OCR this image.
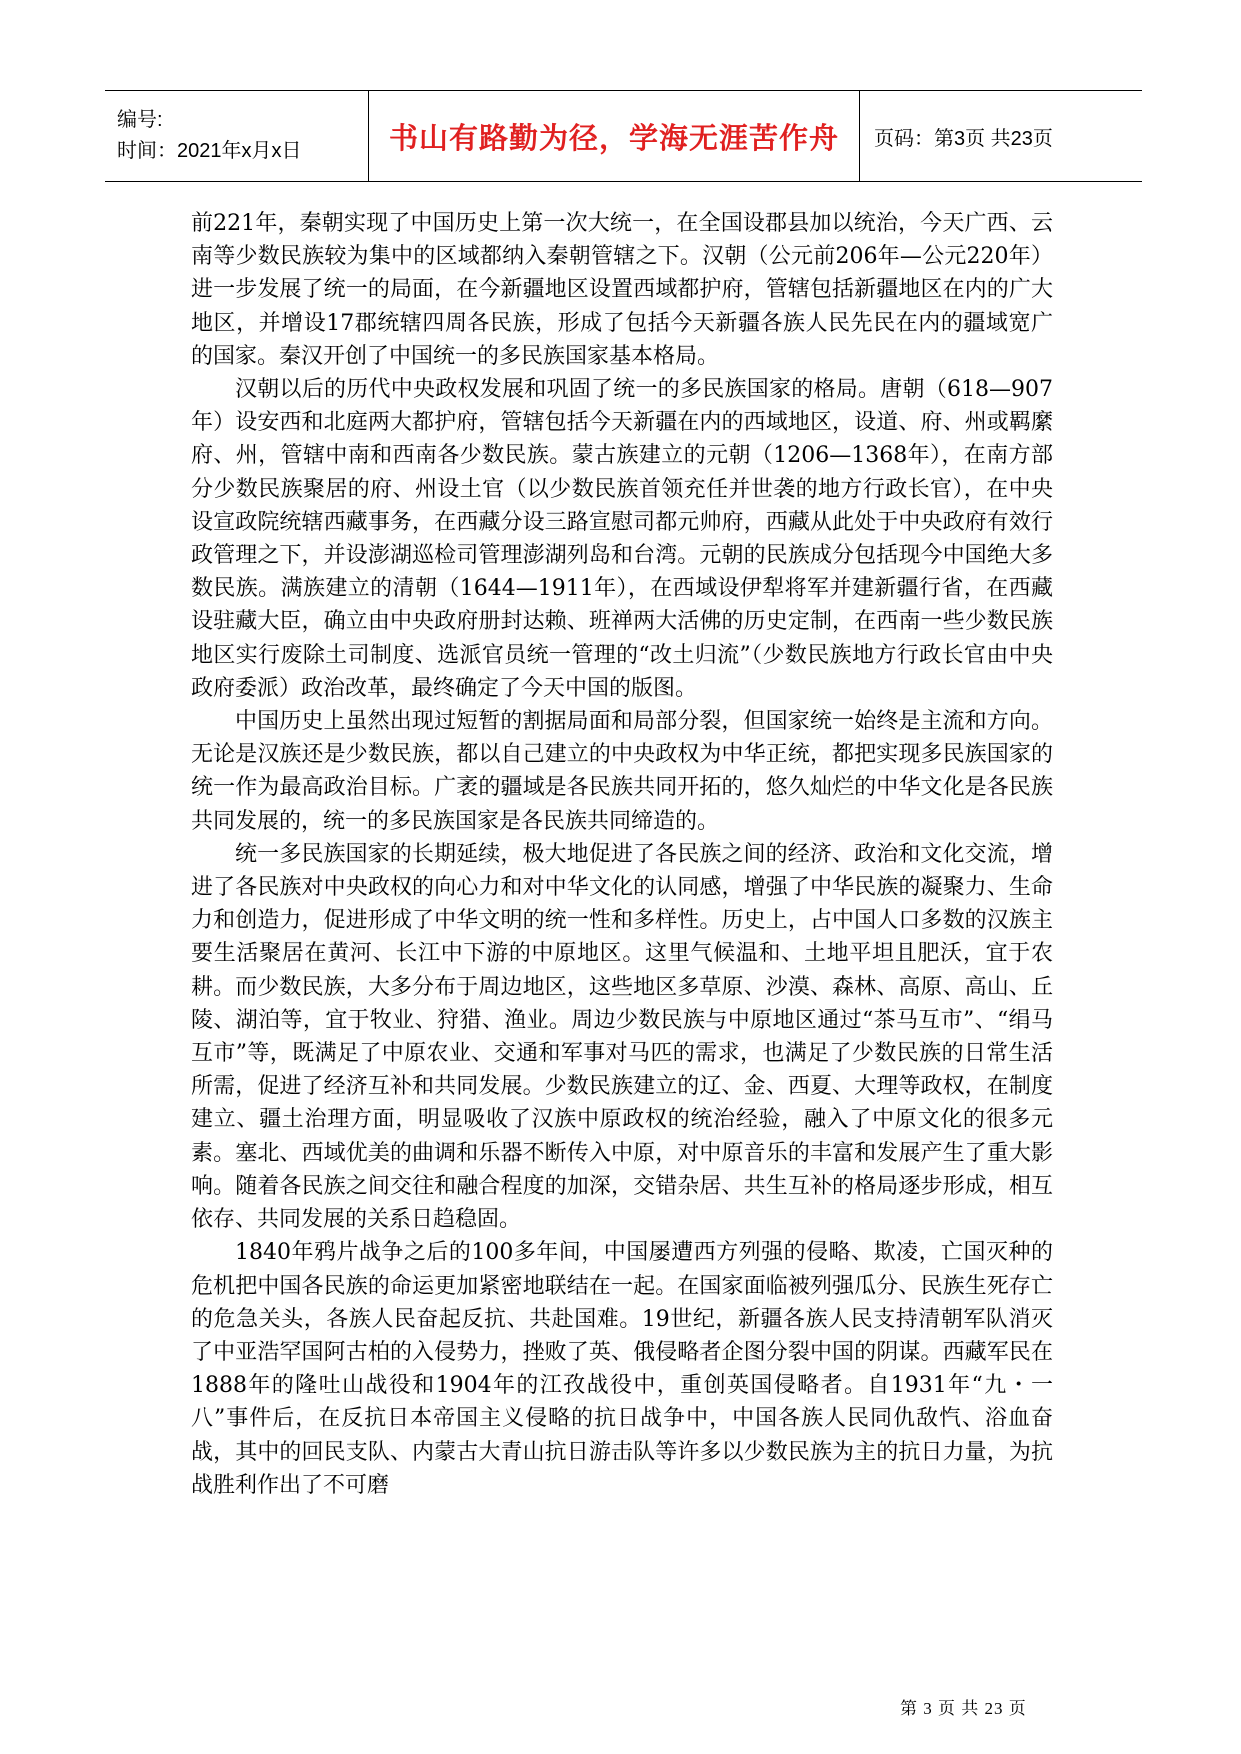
编号:
时间：2021年x月x日	书山有路勤为径，学海无涯苦作舟	页码：第3页 共23页

前221年，秦朝实现了中国历史上第一次大统一，在全国设郡县加以统治，今天广西、云南等少数民族较为集中的区域都纳入秦朝管辖之下。汉朝（公元前206年—公元220年）进一步发展了统一的局面，在今新疆地区设置西域都护府，管辖包括新疆地区在内的广大地区，并增设17郡统辖四周各民族，形成了包括今天新疆各族人民先民在内的疆域宽广的国家。秦汉开创了中国统一的多民族国家基本格局。

汉朝以后的历代中央政权发展和巩固了统一的多民族国家的格局。唐朝（618—907年）设安西和北庭两大都护府，管辖包括今天新疆在内的西域地区，设道、府、州或羁縻府、州，管辖中南和西南各少数民族。蒙古族建立的元朝（1206—1368年），在南方部分少数民族聚居的府、州设土官（以少数民族首领充任并世袭的地方行政长官），在中央设宣政院统辖西藏事务，在西藏分设三路宣慰司都元帅府，西藏从此处于中央政府有效行政管理之下，并设澎湖巡检司管理澎湖列岛和台湾。元朝的民族成分包括现今中国绝大多数民族。满族建立的清朝（1644—1911年），在西域设伊犁将军并建新疆行省，在西藏设驻藏大臣，确立由中央政府册封达赖、班禅两大活佛的历史定制，在西南一些少数民族地区实行废除土司制度、选派官员统一管理的“改土归流”（少数民族地方行政长官由中央政府委派）政治改革，最终确定了今天中国的版图。

中国历史上虽然出现过短暂的割据局面和局部分裂，但国家统一始终是主流和方向。无论是汉族还是少数民族，都以自己建立的中央政权为中华正统，都把实现多民族国家的统一作为最高政治目标。广袤的疆域是各民族共同开拓的，悠久灿烂的中华文化是各民族共同发展的，统一的多民族国家是各民族共同缔造的。

统一多民族国家的长期延续，极大地促进了各民族之间的经济、政治和文化交流，增进了各民族对中央政权的向心力和对中华文化的认同感，增强了中华民族的凝聚力、生命力和创造力，促进形成了中华文明的统一性和多样性。历史上，占中国人口多数的汉族主要生活聚居在黄河、长江中下游的中原地区。这里气候温和、土地平坦且肥沃，宜于农耕。而少数民族，大多分布于周边地区，这些地区多草原、沙漠、森林、高原、高山、丘陵、湖泊等，宜于牧业、狩猎、渔业。周边少数民族与中原地区通过“茶马互市”、“绢马互市”等，既满足了中原农业、交通和军事对马匹的需求，也满足了少数民族的日常生活所需，促进了经济互补和共同发展。少数民族建立的辽、金、西夏、大理等政权，在制度建立、疆土治理方面，明显吸收了汉族中原政权的统治经验，融入了中原文化的很多元素。塞北、西域优美的曲调和乐器不断传入中原，对中原音乐的丰富和发展产生了重大影响。随着各民族之间交往和融合程度的加深，交错杂居、共生互补的格局逐步形成，相互依存、共同发展的关系日趋稳固。

1840年鸦片战争之后的100多年间，中国屡遭西方列强的侵略、欺凌，亡国灭种的危机把中国各民族的命运更加紧密地联结在一起。在国家面临被列强瓜分、民族生死存亡的危急关头，各族人民奋起反抗、共赴国难。19世纪，新疆各族人民支持清朝军队消灭了中亚浩罕国阿古柏的入侵势力，挫败了英、俄侵略者企图分裂中国的阴谋。西藏军民在1888年的隆吐山战役和1904年的江孜战役中，重创英国侵略者。自1931年“九・一八”事件后，在反抗日本帝国主义侵略的抗日战争中，中国各族人民同仇敌忾、浴血奋战，其中的回民支队、内蒙古大青山抗日游击队等许多以少数民族为主的抗日力量，为抗战胜利作出了不可磨

第 3 页 共 23 页
